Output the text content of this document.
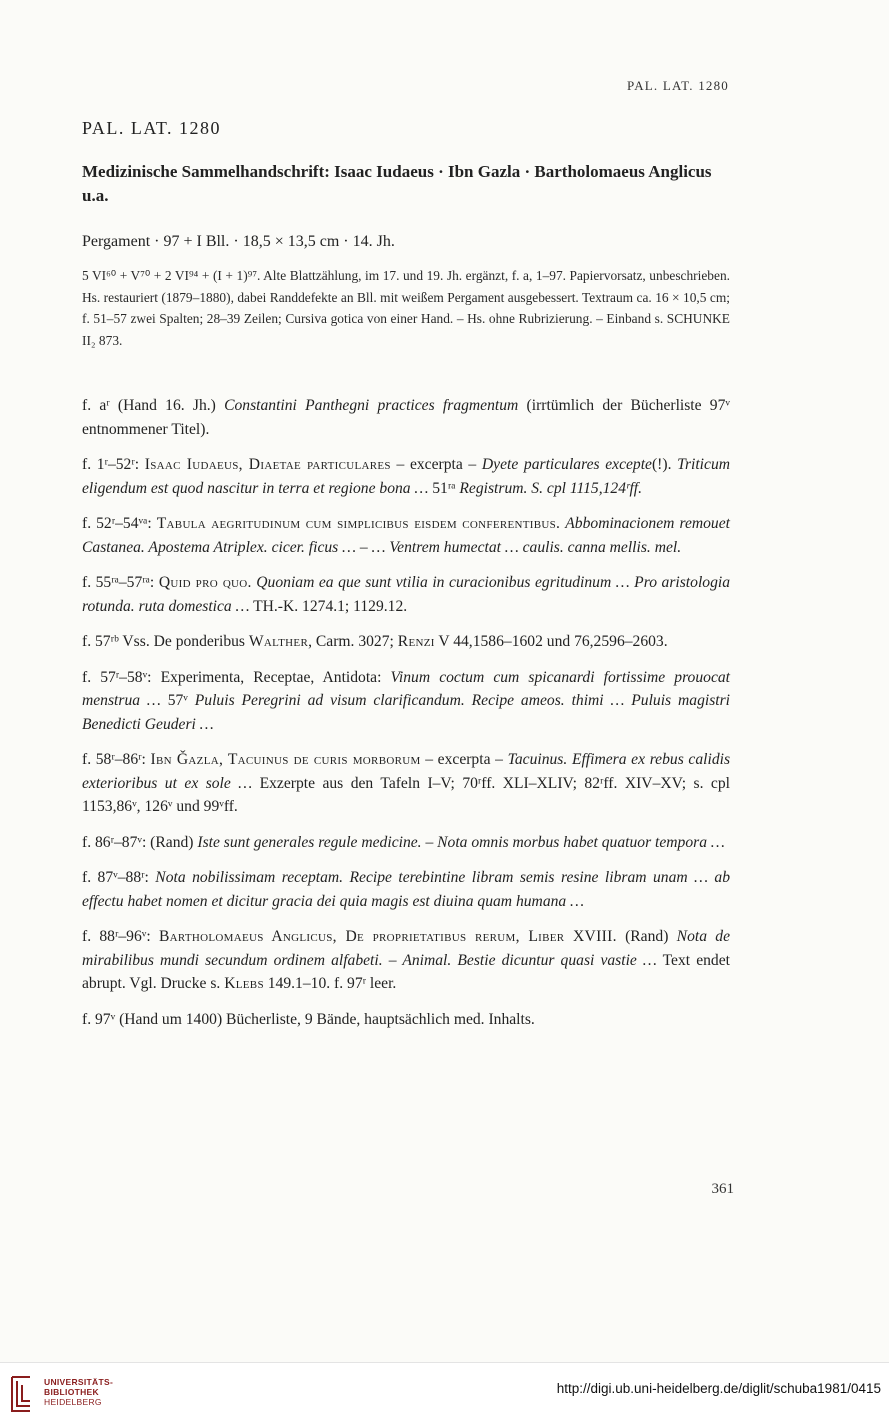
PAL. LAT. 1280
PAL. LAT. 1280
Medizinische Sammelhandschrift: Isaac Iudaeus · Ibn Gazla · Bartholomaeus Anglicus u.a.
Pergament · 97 + I Bll. · 18,5 × 13,5 cm · 14. Jh.
5 VI⁶⁰ + V⁷⁰ + 2 VI⁹⁴ + (I + 1)⁹⁷. Alte Blattzählung, im 17. und 19. Jh. ergänzt, f. a, 1–97. Papiervorsatz, unbeschrieben. Hs. restauriert (1879–1880), dabei Randdefekte an Bll. mit weißem Pergament ausgebessert. Textraum ca. 16 × 10,5 cm; f. 51–57 zwei Spalten; 28–39 Zeilen; Cursiva gotica von einer Hand. – Hs. ohne Rubrizierung. – Einband s. SCHUNKE II₂ 873.

f. aʳ (Hand 16. Jh.) Constantini Panthegni practices fragmentum (irrtümlich der Bücherliste 97ᵛ entnommener Titel).

f. 1ʳ–52ʳ: Isaac Iudaeus, Diaetae particulares – excerpta – Dyete particulares excepte(!). Triticum eligendum est quod nascitur in terra et regione bona … 51ʳᵃ Registrum. S. cpl 1115,124ʳff.

f. 52ʳ–54ᵛᵃ: Tabula aegritudinum cum simplicibus eisdem conferentibus. Abbominacionem remouet Castanea. Apostema Atriplex. cicer. ficus … – … Ventrem humectat … caulis. canna mellis. mel.

f. 55ʳᵃ–57ʳᵃ: Quid pro quo. Quoniam ea que sunt vtilia in curacionibus egritudinum … Pro aristologia rotunda. ruta domestica … TH.-K. 1274.1; 1129.12.

f. 57ʳᵇ Vss. De ponderibus Walther, Carm. 3027; Renzi V 44,1586–1602 und 76,2596–2603.

f. 57ʳ–58ᵛ: Experimenta, Receptae, Antidota: Vinum coctum cum spicanardi fortissime prouocat menstrua … 57ᵛ Puluis Peregrini ad visum clarificandum. Recipe ameos. thimi … Puluis magistri Benedicti Geuderi …

f. 58ʳ–86ʳ: Ibn Ǧazla, Tacuinus de curis morborum – excerpta – Tacuinus. Effimera ex rebus calidis exterioribus ut ex sole … Exzerpte aus den Tafeln I–V; 70ʳff. XLI–XLIV; 82ʳff. XIV–XV; s. cpl 1153,86ᵛ, 126ᵛ und 99ᵛff.

f. 86ʳ–87ᵛ: (Rand) Iste sunt generales regule medicine. – Nota omnis morbus habet quatuor tempora …

f. 87ᵛ–88ʳ: Nota nobilissimam receptam. Recipe terebintine libram semis resine libram unam … ab effectu habet nomen et dicitur gracia dei quia magis est diuina quam humana …

f. 88ʳ–96ᵛ: Bartholomaeus Anglicus, De proprietatibus rerum, Liber XVIII. (Rand) Nota de mirabilibus mundi secundum ordinem alfabeti. – Animal. Bestie dicuntur quasi vastie … Text endet abrupt. Vgl. Drucke s. Klebs 149.1–10. f. 97ʳ leer.

f. 97ᵛ (Hand um 1400) Bücherliste, 9 Bände, hauptsächlich med. Inhalts.

361
UNIVERSITÄTS-
BIBLIOTHEK
HEIDELBERG
http://digi.ub.uni-heidelberg.de/diglit/schuba1981/0415
